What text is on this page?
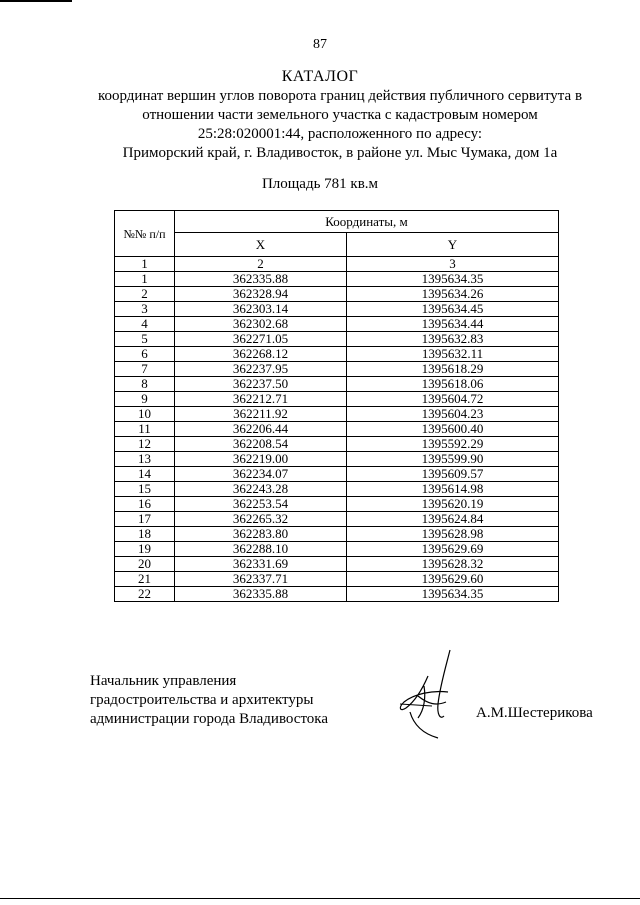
87
КАТАЛОГ
координат вершин углов поворота границ действия публичного сервитута в
отношении части земельного участка с кадастровым номером
25:28:020001:44, расположенного по адресу:
Приморский край, г. Владивосток, в районе ул. Мыс Чумака, дом 1а
Площадь 781 кв.м
№№ п/п	Координаты, м	
	X	Y
1	2	3
1	362335.88	1395634.35
2	362328.94	1395634.26
3	362303.14	1395634.45
4	362302.68	1395634.44
5	362271.05	1395632.83
6	362268.12	1395632.11
7	362237.95	1395618.29
8	362237.50	1395618.06
9	362212.71	1395604.72
10	362211.92	1395604.23
11	362206.44	1395600.40
12	362208.54	1395592.29
13	362219.00	1395599.90
14	362234.07	1395609.57
15	362243.28	1395614.98
16	362253.54	1395620.19
17	362265.32	1395624.84
18	362283.80	1395628.98
19	362288.10	1395629.69
20	362331.69	1395628.32
21	362337.71	1395629.60
22	362335.88	1395634.35
Начальник управления
градостроительства и архитектуры
администрации города Владивостока	А.М.Шестерикова
